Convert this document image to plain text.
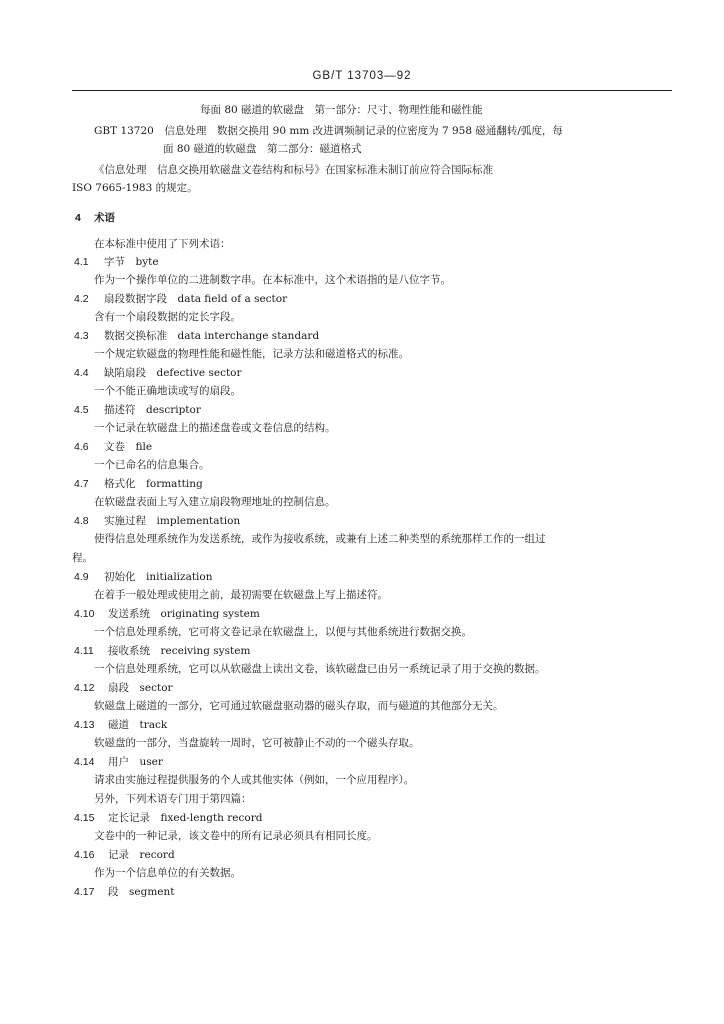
GB/T 13703—92
每面 80 磁道的软磁盘　第一部分：尺寸、物理性能和磁性能
GBT 13720　信息处理　数据交换用 90 mm 改进调频制记录的位密度为 7 958 磁通翻转/弧度，每
面 80 磁道的软磁盘　第二部分：磁道格式
《信息处理　信息交换用软磁盘文卷结构和标号》在国家标准未制订前应符合国际标准
ISO 7665-1983 的规定。
4 术语
在本标准中使用了下列术语：
4.1 字节　byte
作为一个操作单位的二进制数字串。在本标准中，这个术语指的是八位字节。
4.2 扇段数据字段　data field of a sector
含有一个扇段数据的定长字段。
4.3 数据交换标准　data interchange standard
一个规定软磁盘的物理性能和磁性能，记录方法和磁道格式的标准。
4.4 缺陷扇段　defective sector
一个不能正确地读或写的扇段。
4.5 描述符　descriptor
一个记录在软磁盘上的描述盘卷或文卷信息的结构。
4.6 文卷　file
一个已命名的信息集合。
4.7 格式化　formatting
在软磁盘表面上写入建立扇段物理地址的控制信息。
4.8 实施过程　implementation
使得信息处理系统作为发送系统，或作为接收系统，或兼有上述二种类型的系统那样工作的一组过
程。
4.9 初始化　initialization
在着手一般处理或使用之前，最初需要在软磁盘上写上描述符。
4.10 发送系统　originating system
一个信息处理系统，它可将文卷记录在软磁盘上，以便与其他系统进行数据交换。
4.11 接收系统　receiving system
一个信息处理系统，它可以从软磁盘上读出文卷，该软磁盘已由另一系统记录了用于交换的数据。
4.12 扇段　sector
软磁盘上磁道的一部分，它可通过软磁盘驱动器的磁头存取，而与磁道的其他部分无关。
4.13 磁道　track
软磁盘的一部分，当盘旋转一周时，它可被静止不动的一个磁头存取。
4.14 用户　user
请求由实施过程提供服务的个人或其他实体（例如，一个应用程序）。
另外，下列术语专门用于第四篇：
4.15 定长记录　fixed-length record
文卷中的一种记录，该文卷中的所有记录必须具有相同长度。
4.16 记录　record
作为一个信息单位的有关数据。
4.17 段　segment
